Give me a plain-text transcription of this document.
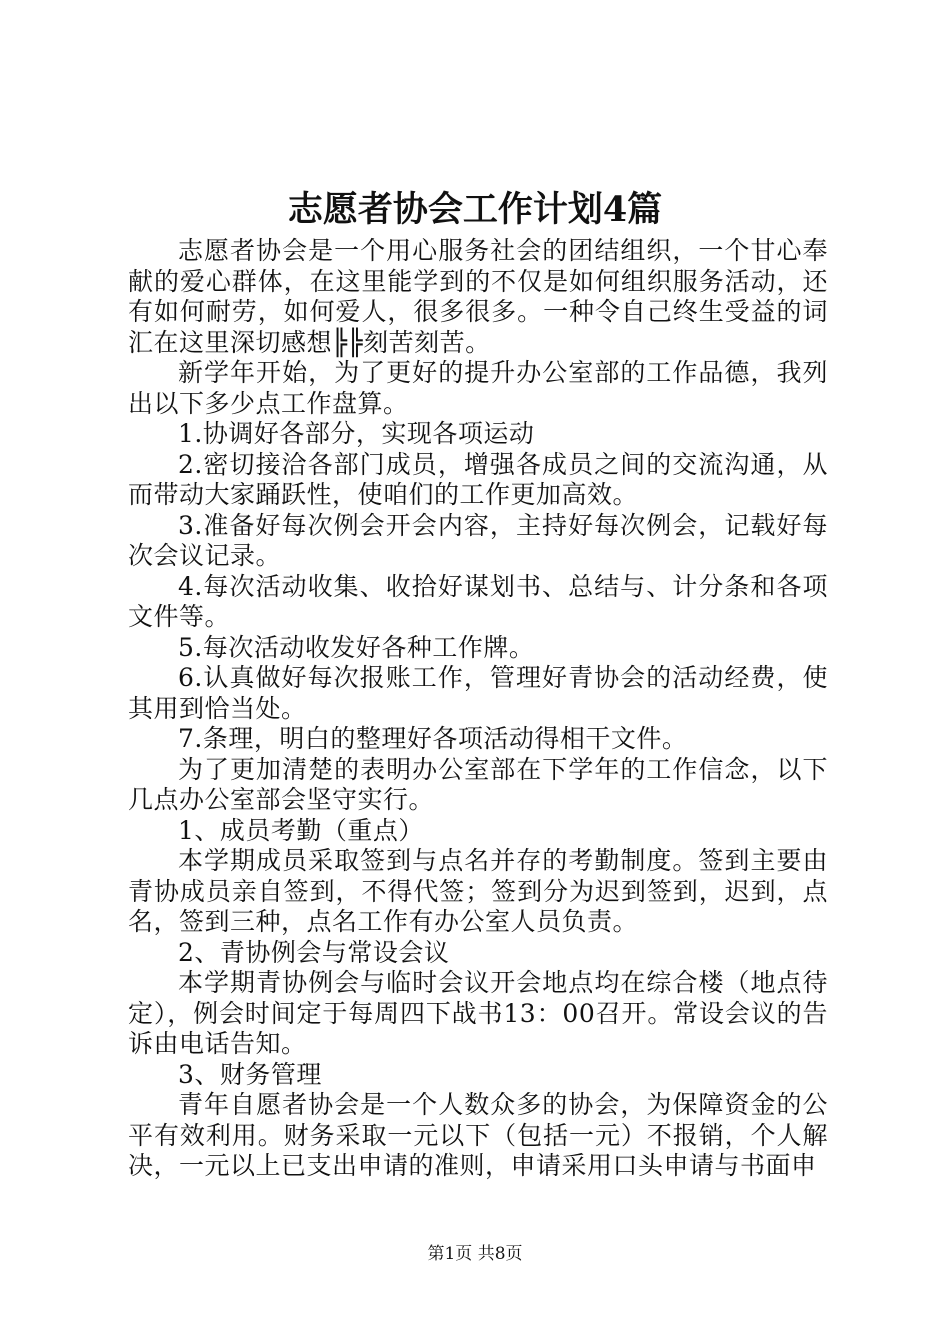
志愿者协会工作计划4篇

志愿者协会是一个用心服务社会的团结组织，一个甘心奉献的爱心群体，在这里能学到的不仅是如何组织服务活动，还有如何耐劳，如何爱人，很多很多。一种令自己终生受益的词汇在这里深切感想╠╠刻苦刻苦。

新学年开始，为了更好的提升办公室部的工作品德，我列出以下多少点工作盘算。

1.协调好各部分，实现各项运动

2.密切接洽各部门成员，增强各成员之间的交流沟通，从而带动大家踊跃性，使咱们的工作更加高效。

3.准备好每次例会开会内容，主持好每次例会，记载好每次会议记录。

4.每次活动收集、收拾好谋划书、总结与、计分条和各项文件等。

5.每次活动收发好各种工作牌。

6.认真做好每次报账工作，管理好青协会的活动经费，使其用到恰当处。

7.条理，明白的整理好各项活动得相干文件。

为了更加清楚的表明办公室部在下学年的工作信念，以下几点办公室部会坚守实行。

1、成员考勤（重点）

本学期成员采取签到与点名并存的考勤制度。签到主要由青协成员亲自签到，不得代签；签到分为迟到签到，迟到，点名，签到三种，点名工作有办公室人员负责。

2、青协例会与常设会议

本学期青协例会与临时会议开会地点均在综合楼（地点待定），例会时间定于每周四下战书13：00召开。常设会议的告诉由电话告知。

3、财务管理

青年自愿者协会是一个人数众多的协会，为保障资金的公平有效利用。财务采取一元以下（包括一元）不报销，个人解决，一元以上已支出申请的准则，申请采用口头申请与书面申

第1页 共8页
